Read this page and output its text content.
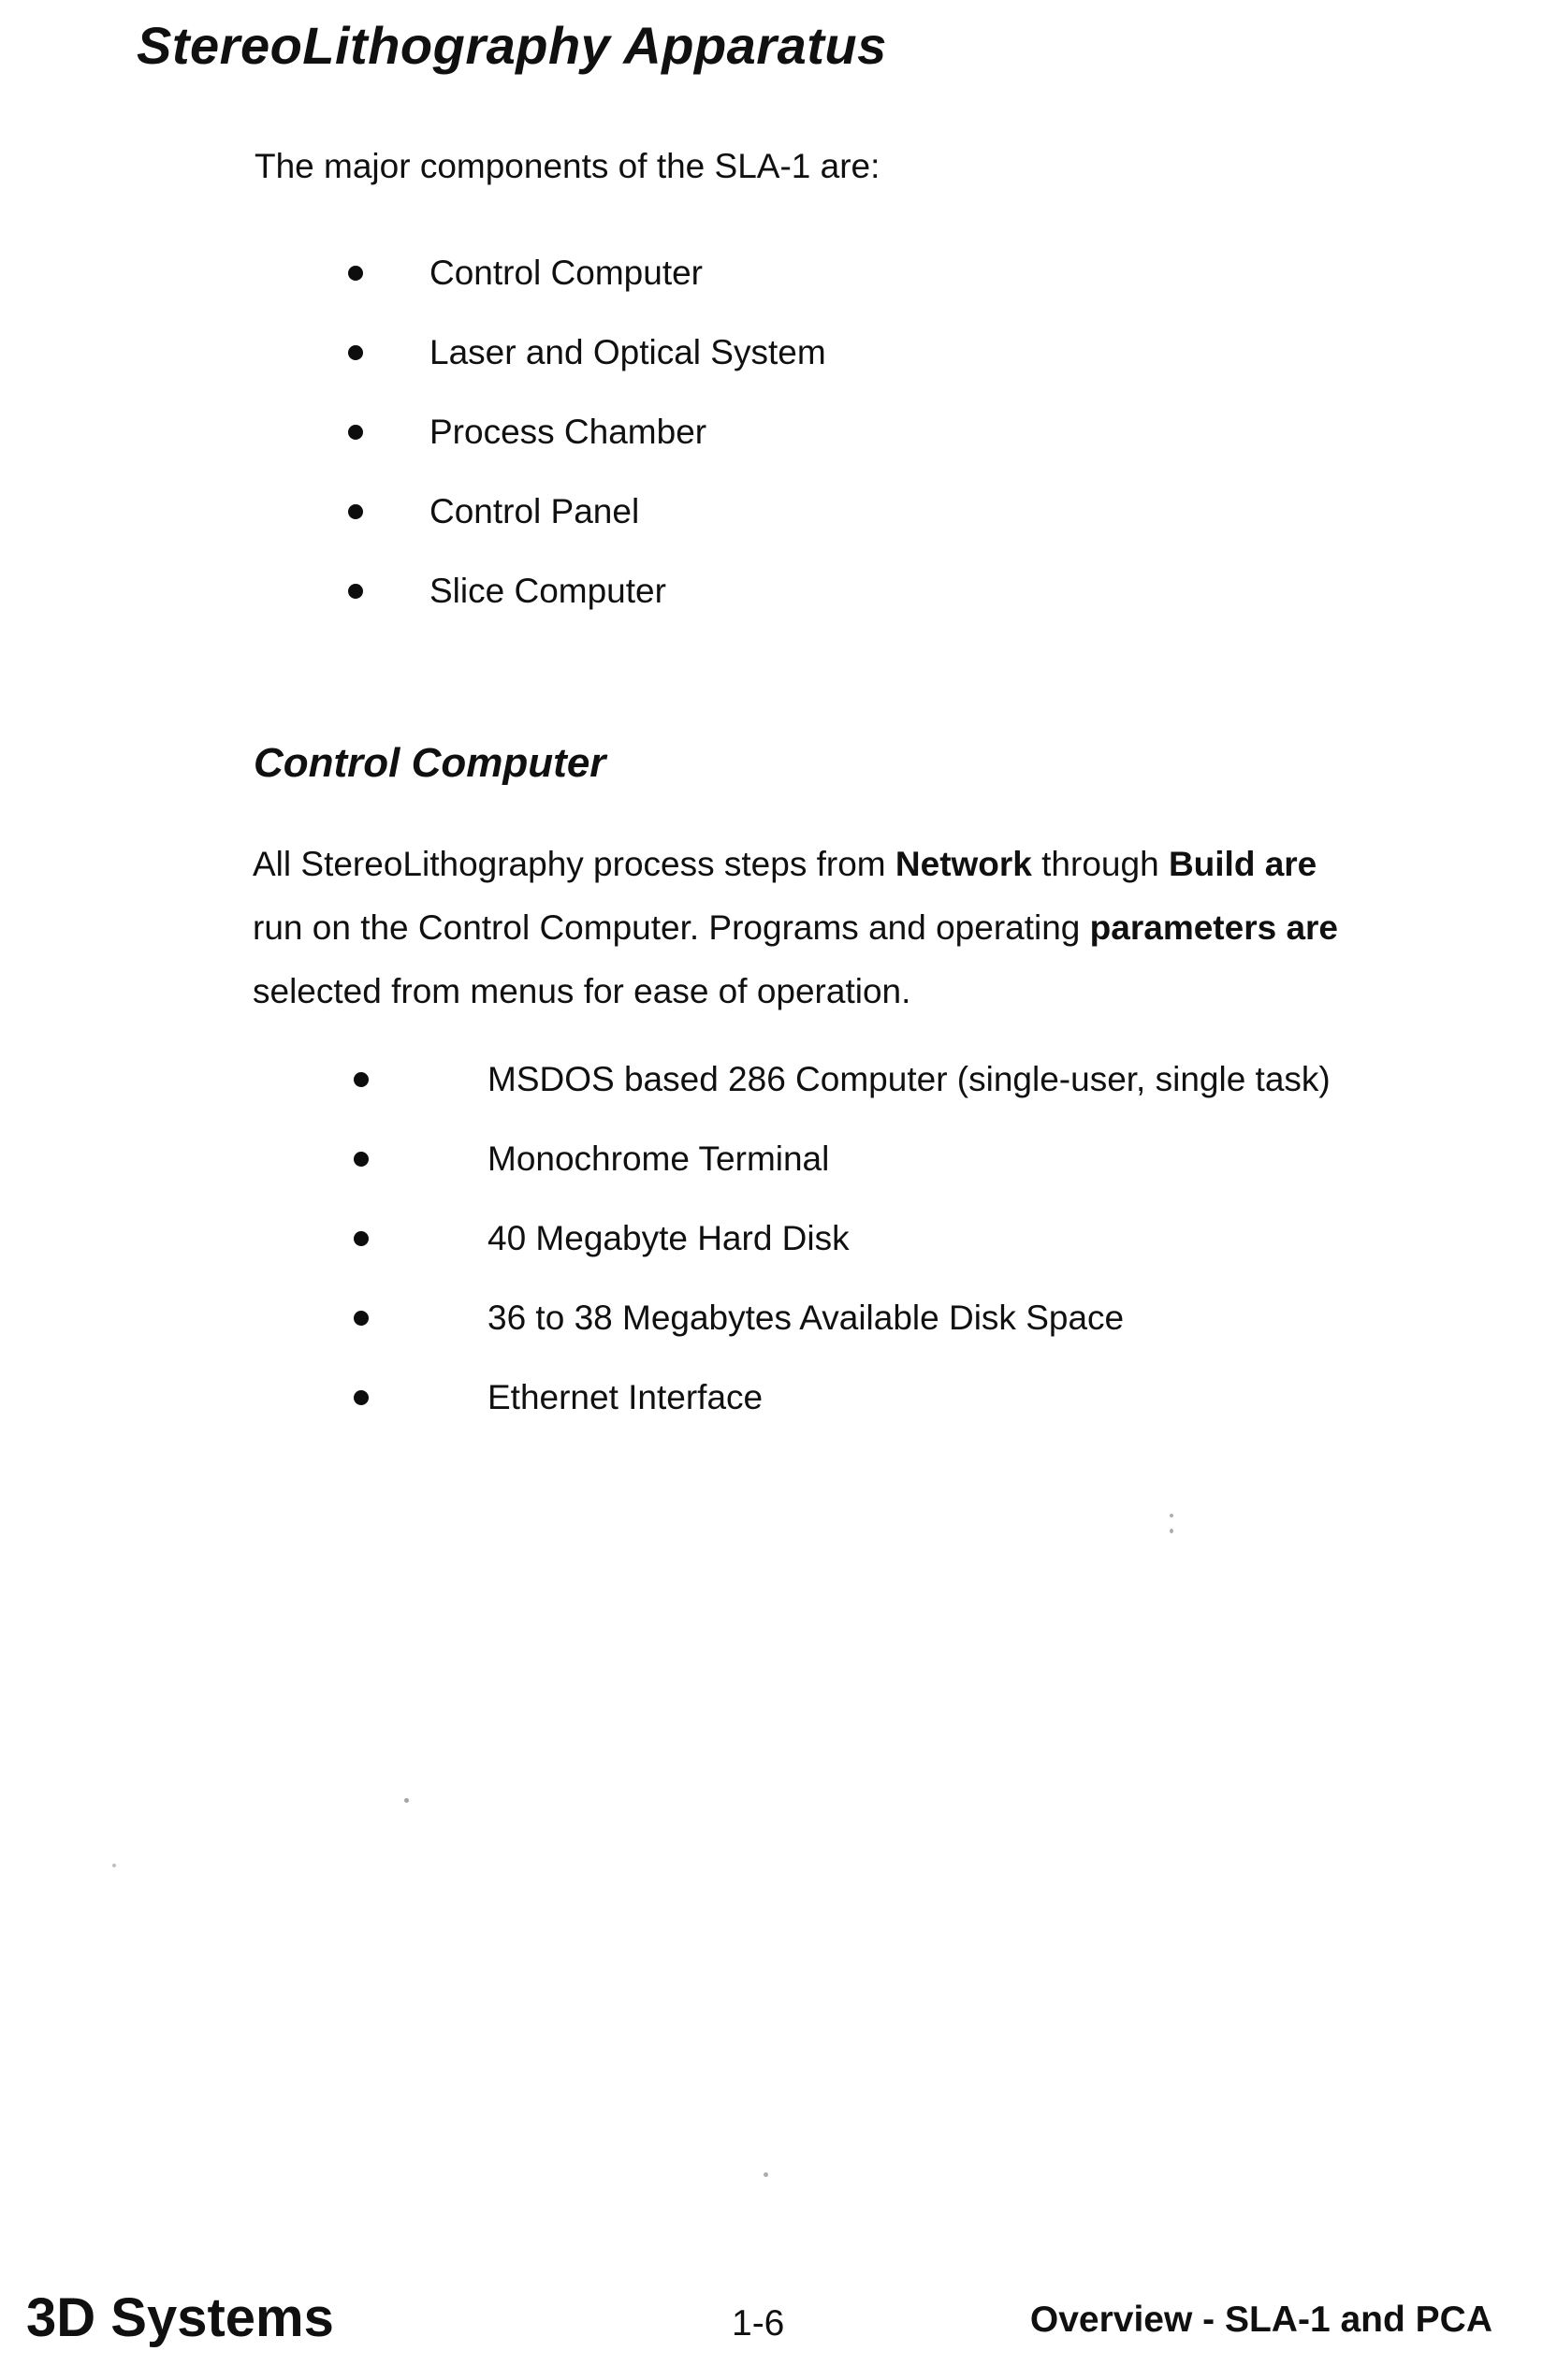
StereoLithography Apparatus

The major components of the SLA-1 are:

Control Computer
Laser and Optical System
Process Chamber
Control Panel
Slice Computer
Control Computer

All StereoLithography process steps from Network through Build are
run on the Control Computer. Programs and operating parameters are
selected from menus for ease of operation.

MSDOS based 286 Computer (single-user, single task)
Monochrome Terminal
40 Megabyte Hard Disk
36 to 38 Megabytes Available Disk Space
Ethernet Interface
3D Systems	1-6	Overview - SLA-1 and PCA
